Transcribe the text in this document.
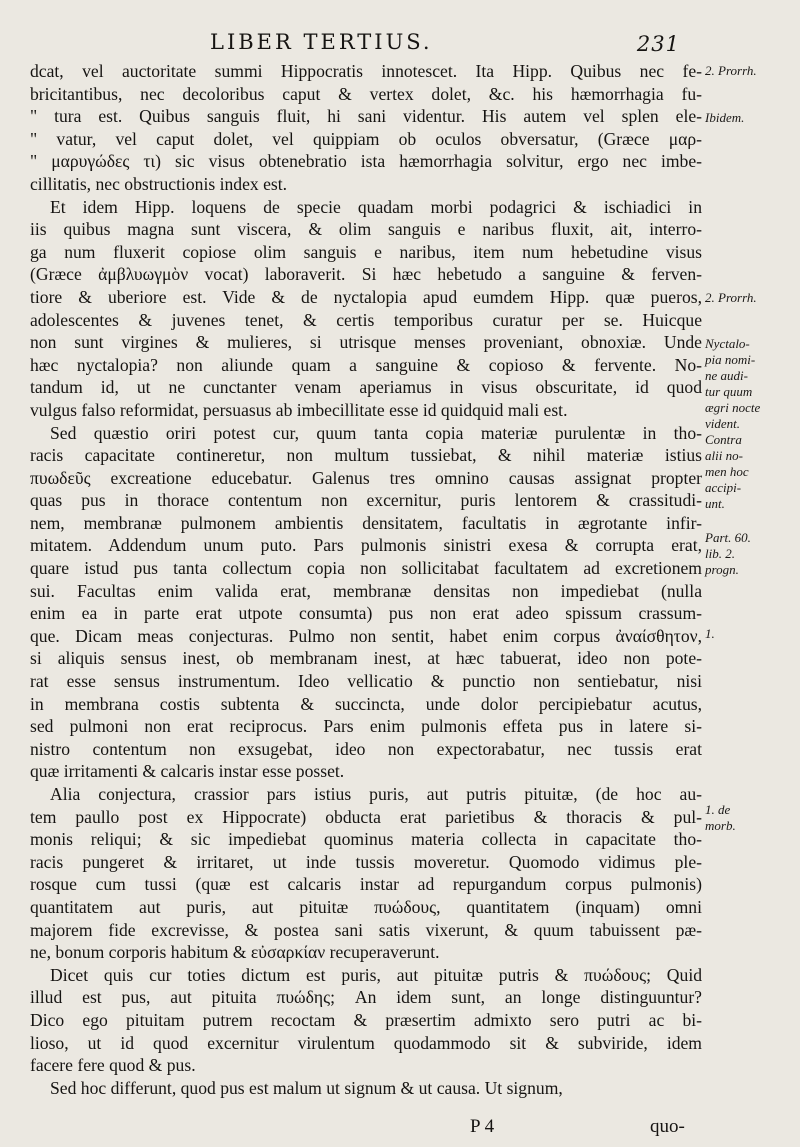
LIBER TERTIUS.	231
dcat, vel auctoritate summi Hippocratis innotescet. Ita Hipp. Quibus nec fe-
bricitantibus, nec decoloribus caput & vertex dolet, &c. his hæmorrhagia fu-
" tura est. Quibus sanguis fluit, hi sani videntur. His autem vel splen ele-
" vatur, vel caput dolet, vel quippiam ob oculos obversatur, (Græce μαρ-
" μαρυγώδες τι) sic visus obtenebratio ista hæmorrhagia solvitur, ergo nec imbe-
cillitatis, nec obstructionis index est.
Et idem Hipp. loquens de specie quadam morbi podagrici & ischiadici in
iis quibus magna sunt viscera, & olim sanguis e naribus fluxit, ait, interro-
ga num fluxerit copiose olim sanguis e naribus, item num hebetudine visus
(Græce ἀμβλυωγμὸν vocat) laboraverit. Si hæc hebetudo a sanguine & ferven-
tiore & uberiore est. Vide & de nyctalopia apud eumdem Hipp. quæ pueros,
adolescentes & juvenes tenet, & certis temporibus curatur per se. Huicque
non sunt virgines & mulieres, si utrisque menses proveniant, obnoxiæ. Unde
hæc nyctalopia? non aliunde quam a sanguine & copioso & fervente. No-
tandum id, ut ne cunctanter venam aperiamus in visus obscuritate, id quod
vulgus falso reformidat, persuasus ab imbecillitate esse id quidquid mali est.
Sed quæstio oriri potest cur, quum tanta copia materiæ purulentæ in tho-
racis capacitate contineretur, non multum tussiebat, & nihil materiæ istius
πυωδεῦς excreatione educebatur. Galenus tres omnino causas assignat propter
quas pus in thorace contentum non excernitur, puris lentorem & crassitudi-
nem, membranæ pulmonem ambientis densitatem, facultatis in ægrotante infir-
mitatem. Addendum unum puto. Pars pulmonis sinistri exesa & corrupta erat,
quare istud pus tanta collectum copia non sollicitabat facultatem ad excretionem
sui. Facultas enim valida erat, membranæ densitas non impediebat (nulla
enim ea in parte erat utpote consumta) pus non erat adeo spissum crassum-
que. Dicam meas conjecturas. Pulmo non sentit, habet enim corpus ἀναίσθητον,
si aliquis sensus inest, ob membranam inest, at hæc tabuerat, ideo non pote-
rat esse sensus instrumentum. Ideo vellicatio & punctio non sentiebatur, nisi
in membrana costis subtenta & succincta, unde dolor percipiebatur acutus,
sed pulmoni non erat reciprocus. Pars enim pulmonis effeta pus in latere si-
nistro contentum non exsugebat, ideo non expectorabatur, nec tussis erat
quæ irritamenti & calcaris instar esse posset.
Alia conjectura, crassior pars istius puris, aut putris pituitæ, (de hoc au-
tem paullo post ex Hippocrate) obducta erat parietibus & thoracis & pul-
monis reliqui; & sic impediebat quominus materia collecta in capacitate tho-
racis pungeret & irritaret, ut inde tussis moveretur. Quomodo vidimus ple-
rosque cum tussi (quæ est calcaris instar ad repurgandum corpus pulmonis)
quantitatem aut puris, aut pituitæ πυώδους, quantitatem (inquam) omni
majorem fide excrevisse, & postea sani satis vixerunt, & quum tabuissent pæ-
ne, bonum corporis habitum & εὐσαρκίαν recuperaverunt.
Dicet quis cur toties dictum est puris, aut pituitæ putris & πυώδους; Quid
illud est pus, aut pituita πυώδης; An idem sunt, an longe distinguuntur?
Dico ego pituitam putrem recoctam & præsertim admixto sero putri ac bi-
lioso, ut id quod excernitur virulentum quodammodo sit & subviride, idem
facere fere quod & pus.
Sed hoc differunt, quod pus est malum ut signum & ut causa. Ut signum,
2. Prorrh.
Ibidem.
2. Prorrh.
Nyctalo-
pia nomi-
ne audi-
tur quum
ægri nocte
vident.
Contra
alii no-
men hoc
accipi-
unt.
Part. 60.
lib. 2.
progn.
1.
1. de
morb.
P 4	quo-
